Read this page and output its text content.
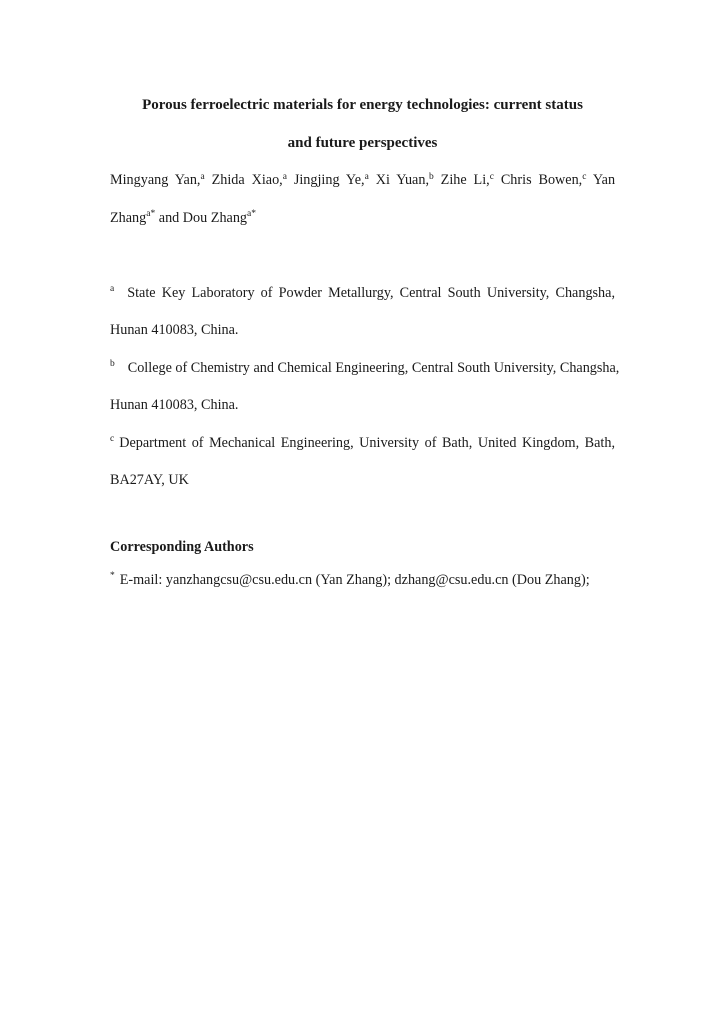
Porous ferroelectric materials for energy technologies: current status
and future perspectives
Mingyang Yan,$^a$ Zhida Xiao,$^a$ Jingjing Ye,$^a$ Xi Yuan,$^b$ Zihe Li,$^c$ Chris Bowen,$^c$ Yan
Zhang$^{a*}$ and Dou Zhang$^{a*}$
$^a$ State Key Laboratory of Powder Metallurgy, Central South University, Changsha,
Hunan 410083, China.
$^b$ College of Chemistry and Chemical Engineering, Central South University, Changsha,
Hunan 410083, China.
$^c$ Department of Mechanical Engineering, University of Bath, United Kingdom, Bath,
BA27AY, UK
Corresponding Authors
* E-mail: yanzhangcsu@csu.edu.cn (Yan Zhang); dzhang@csu.edu.cn (Dou Zhang);
